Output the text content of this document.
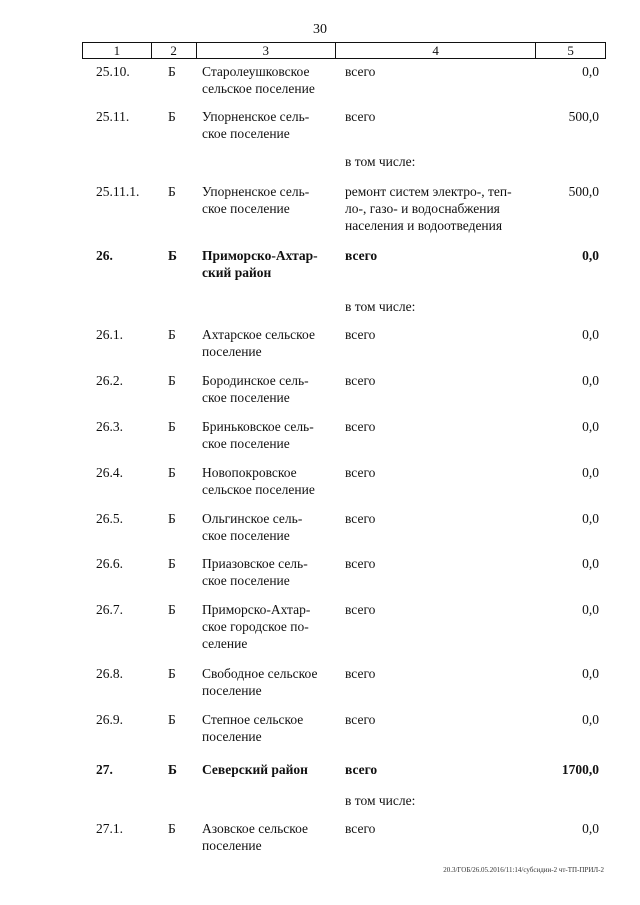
30
1	2	3	4	5
25.10.	Б	Старолеушковское
сельское поселение
всего	0,0
25.11.	Б	Упорненское сель-
ское поселение
всего	500,0
в том числе:
25.11.1.	Б	Упорненское сель-
ское поселение
ремонт систем электро-, теп-
ло-, газо- и водоснабжения
населения и водоотведения
500,0
26.	Б	Приморско-Ахтар-
ский район
всего	0,0
в том числе:
26.1.	Б	Ахтарское сельское
поселение
всего	0,0
26.2.	Б	Бородинское сель-
ское поселение
всего	0,0
26.3.	Б	Бриньковское сель-
ское поселение
всего	0,0
26.4.	Б	Новопокровское
сельское поселение
всего	0,0
26.5.	Б	Ольгинское сель-
ское поселение
всего	0,0
26.6.	Б	Приазовское сель-
ское поселение
всего	0,0
26.7.	Б	Приморско-Ахтар-
ское городское по-
селение
всего	0,0
26.8.	Б	Свободное сельское
поселение
всего	0,0
26.9.	Б	Степное сельское
поселение
всего	0,0
27.	Б	Северский район	всего	1700,0
в том числе:
27.1.	Б	Азовское сельское
поселение
всего	0,0
20.3/ГОБ/26.05.2016/11:14/субсидии-2 чт-ТП-ПРИЛ-2
